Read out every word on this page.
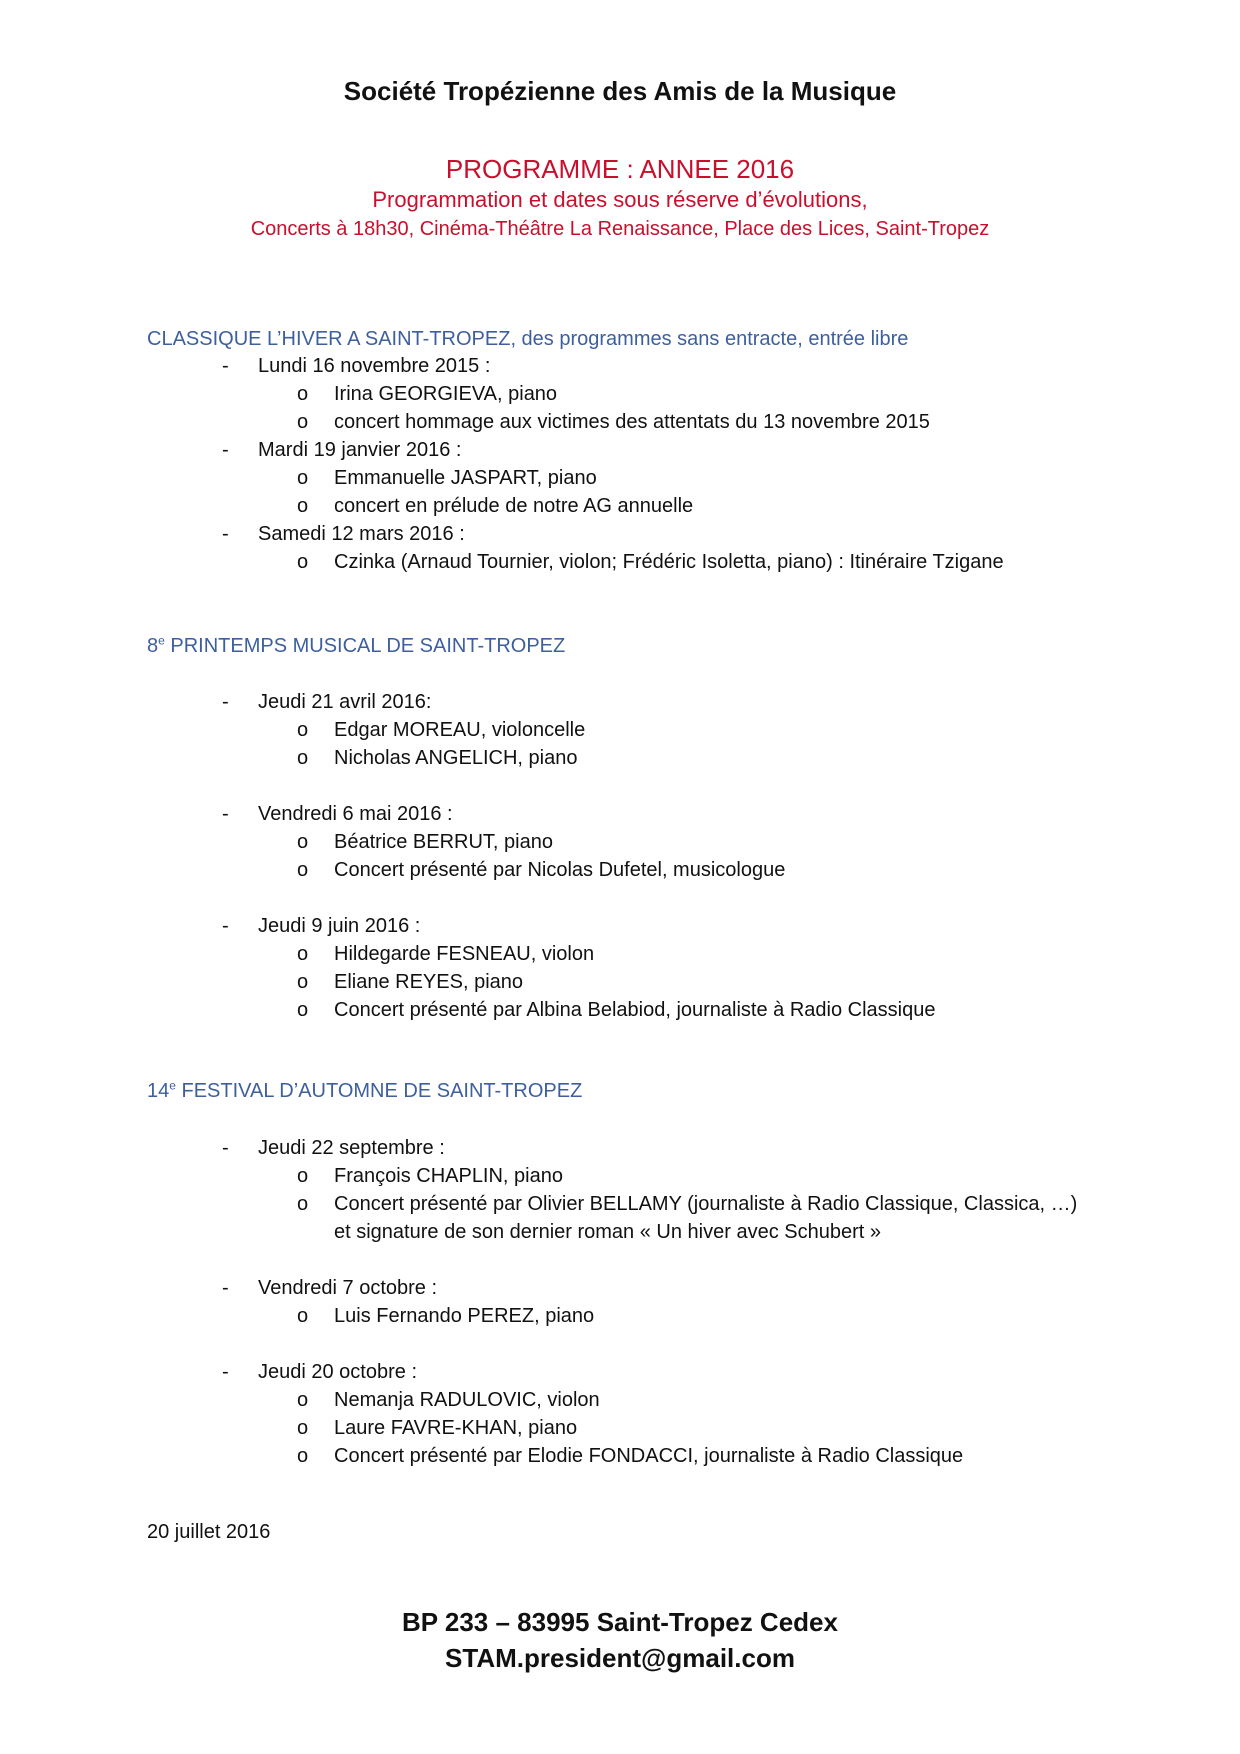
Société Tropézienne des Amis de la Musique
PROGRAMME : ANNEE 2016
Programmation et dates sous réserve d’évolutions,
Concerts à 18h30, Cinéma-Théâtre La Renaissance, Place des Lices, Saint-Tropez
CLASSIQUE L’HIVER A SAINT-TROPEZ, des programmes sans entracte, entrée libre
- Lundi 16 novembre 2015 :
o Irina GEORGIEVA, piano
o concert hommage aux victimes des attentats du 13 novembre 2015
- Mardi 19 janvier 2016 :
o Emmanuelle JASPART, piano
o concert en prélude de notre AG annuelle
- Samedi 12 mars 2016 :
o Czinka (Arnaud Tournier, violon; Frédéric Isoletta, piano) : Itinéraire Tzigane
8e PRINTEMPS MUSICAL DE SAINT-TROPEZ
- Jeudi 21 avril 2016:
o Edgar MOREAU, violoncelle
o Nicholas ANGELICH, piano
- Vendredi 6 mai 2016 :
o Béatrice BERRUT, piano
o Concert présenté par Nicolas Dufetel, musicologue
- Jeudi 9 juin 2016 :
o Hildegarde FESNEAU, violon
o Eliane REYES, piano
o Concert présenté par Albina Belabiod, journaliste à Radio Classique
14e FESTIVAL D’AUTOMNE DE SAINT-TROPEZ
- Jeudi 22 septembre :
o François CHAPLIN, piano
o Concert présenté par Olivier BELLAMY (journaliste à Radio Classique, Classica, …)
et signature de son dernier roman « Un hiver avec Schubert »
- Vendredi 7 octobre :
o Luis Fernando PEREZ, piano
- Jeudi 20 octobre :
o Nemanja RADULOVIC, violon
o Laure FAVRE-KHAN, piano
o Concert présenté par Elodie FONDACCI, journaliste à Radio Classique
20 juillet 2016
BP 233 – 83995 Saint-Tropez Cedex
STAM.president@gmail.com
